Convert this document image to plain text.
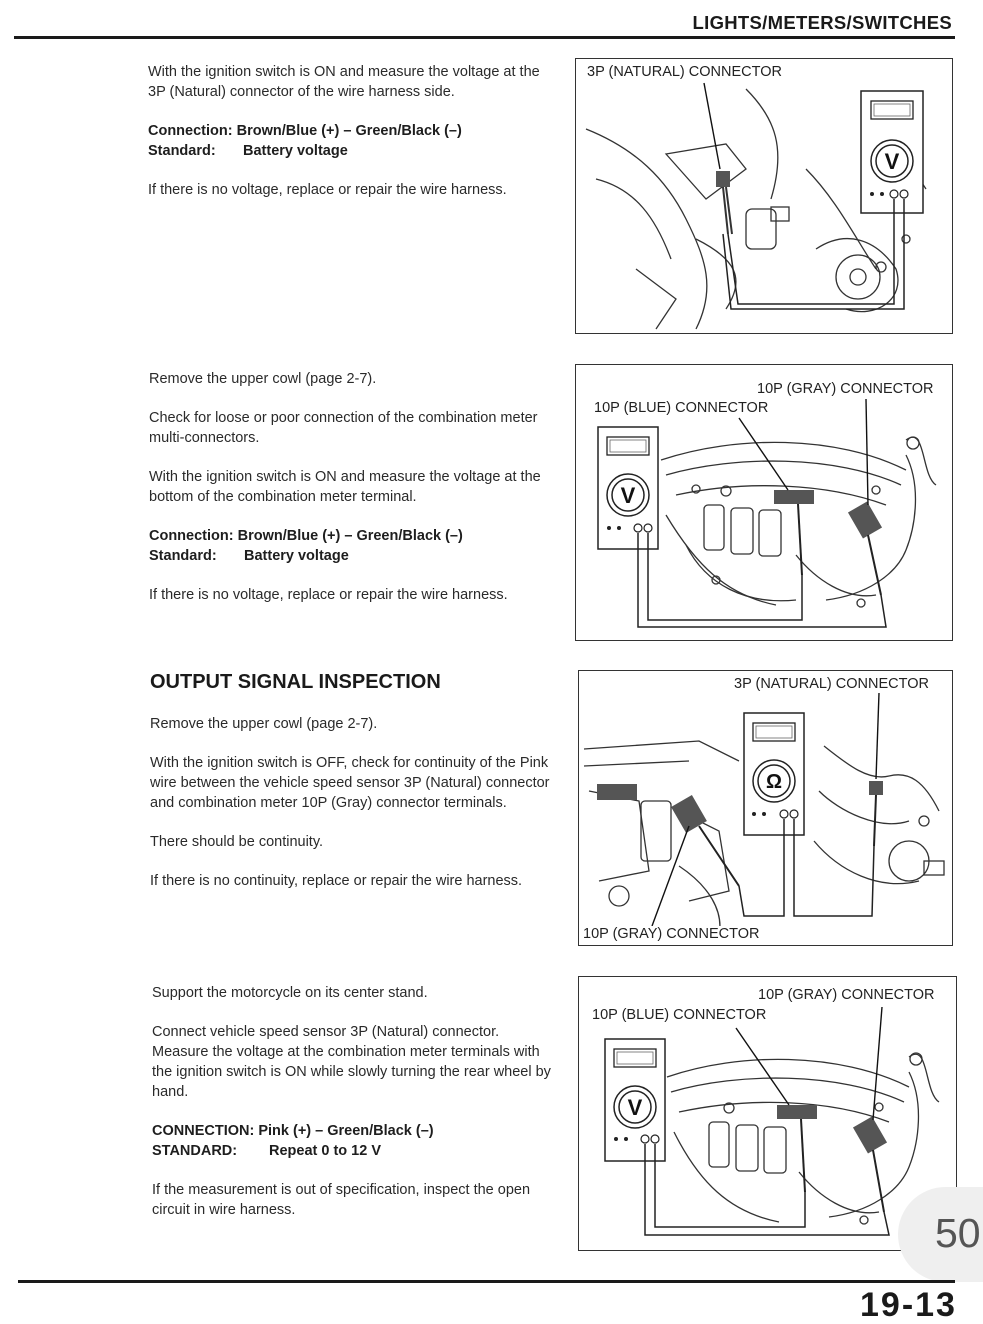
LIGHTS/METERS/SWITCHES

With the ignition switch is ON and measure the voltage at the 3P (Natural) connector of the wire harness side.

Connection: Brown/Blue (+) – Green/Black (–)
Standard: Battery voltage

If there is no voltage, replace or repair the wire harness.

Remove the upper cowl (page 2-7).

Check for loose or poor connection of the combination meter multi-connectors.

With the ignition switch is ON and measure the voltage at the bottom of the combination meter terminal.

Connection: Brown/Blue (+) – Green/Black (–)
Standard: Battery voltage

If there is no voltage, replace or repair the wire harness.

OUTPUT SIGNAL INSPECTION

Remove the upper cowl (page 2-7).

With the ignition switch is OFF, check for continuity of the Pink wire between the vehicle speed sensor 3P (Natural) connector and combination meter 10P (Gray) connector terminals.

There should be continuity.

If there is no continuity, replace or repair the wire harness.

Support the motorcycle on its center stand.

Connect vehicle speed sensor 3P (Natural) connector. Measure the voltage at the combination meter terminals with the ignition switch is ON while slowly turning the rear wheel by hand.

CONNECTION: Pink (+) – Green/Black (–)
STANDARD: Repeat 0 to 12 V

If the measurement is out of specification, inspect the open circuit in wire harness.

V
3P (NATURAL) CONNECTOR
V
10P (GRAY) CONNECTOR
10P (BLUE) CONNECTOR
Ω
3P (NATURAL) CONNECTOR
10P (GRAY) CONNECTOR
V
10P (GRAY) CONNECTOR
10P (BLUE) CONNECTOR
50
19-13
